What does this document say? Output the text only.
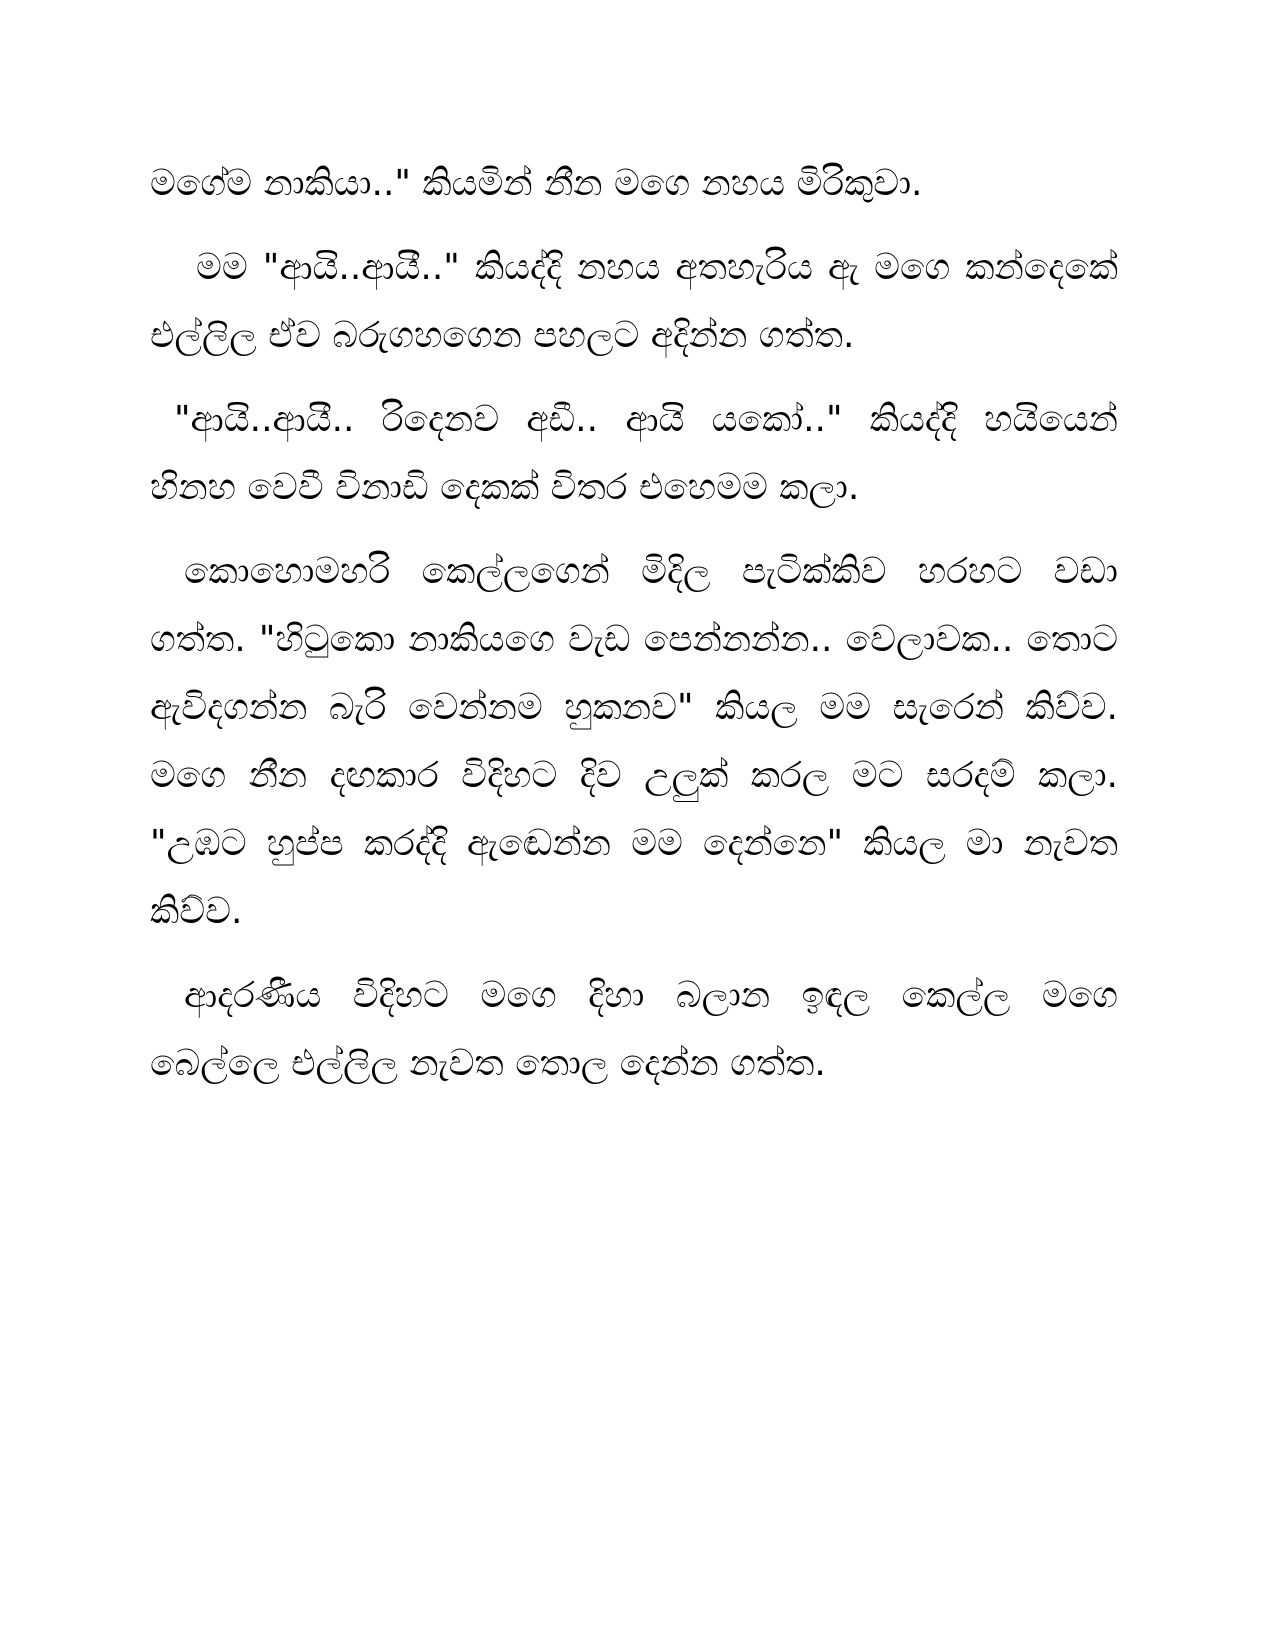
මගේම නාකියා.." කියමින් නීන මගෙ නහය මිරිකුවා.

මම "ආයි..ආයී.." කියද්දි නහය අතහැරිය ඇ මගෙ කන්දෙකේ එල්ලිල ඒව බරුගහගෙන පහලට අදින්න ගත්ත.

"ආයි..ආයී.. රිදෙනව අඩී.. ආයි යකෝ.." කියද්දි හයියෙන් හිනහ වෙවී විනාඩි දෙකක් විතර එහෙමම කලා.

කොහොමහරි කෙල්ලගෙන් මිදිල පැටික්කිව හරහට වඩා ගත්ත. "හිටුකො නාකියගෙ වැඩ පෙන්නන්න.. වෙලාවක.. තොට ඇවිදගන්න බැරි වෙන්නම හුකනව" කියල මම සැරෙන් කිව්ව. මගෙ නීන දඟකාර විදිහට දිව උලුක් කරල මට සරදම් කලා. "උඹට හුප්ප කරද්දි ඇඬෙන්න මම දෙන්නෙ" කියල මා නැවත කිව්ව.

ආදරණීය විදිහට මගෙ දිහා බලාන ඉඳල කෙල්ල මගෙ බෙල්ලෙ එල්ලිල නැවත තොල දෙන්න ගත්ත.
